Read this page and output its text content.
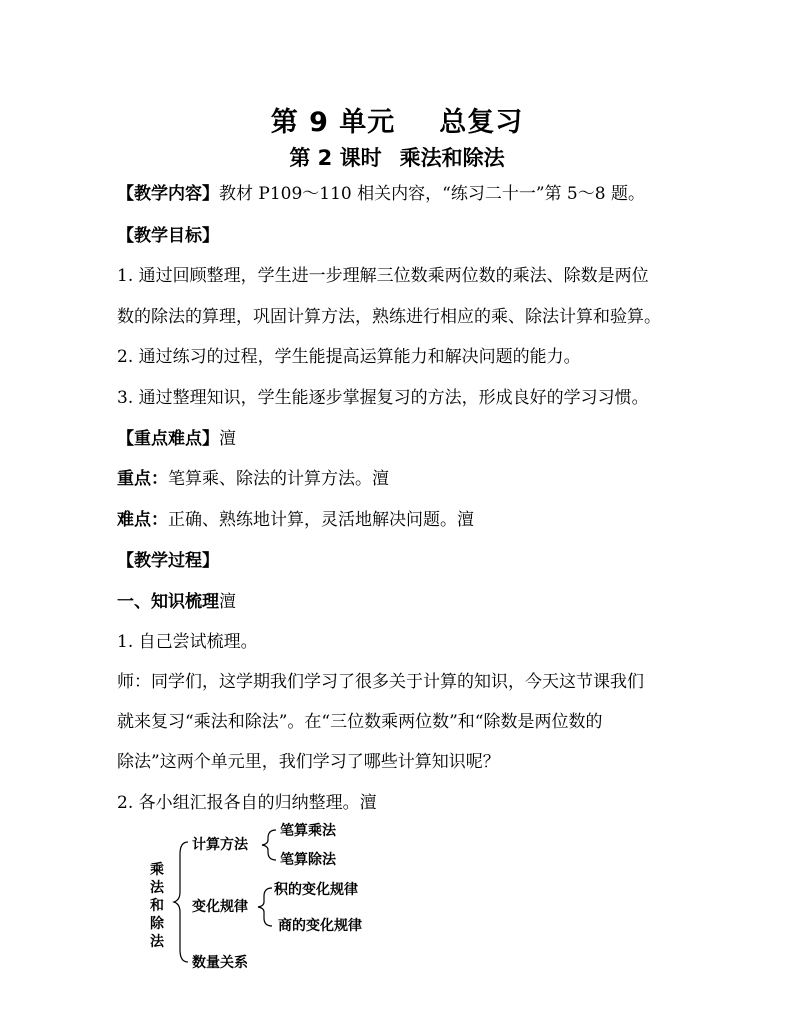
第 9 单元 总复习
第 2 课时 乘法和除法
【教学内容】教材 P109～110 相关内容，“练习二十一”第 5～8 题。
【教学目标】
1. 通过回顾整理，学生进一步理解三位数乘两位数的乘法、除数是两位
数的除法的算理，巩固计算方法，熟练进行相应的乘、除法计算和验算。
2. 通过练习的过程，学生能提高运算能力和解决问题的能力。
3. 通过整理知识，学生能逐步掌握复习的方法，形成良好的学习习惯。
【重点难点】澶
重点：笔算乘、除法的计算方法。澶
难点：正确、熟练地计算，灵活地解决问题。澶
【教学过程】
一、知识梳理澶
1. 自己尝试梳理。
师：同学们，这学期我们学习了很多关于计算的知识，今天这节课我们
就来复习“乘法和除法”。在“三位数乘两位数”和“除数是两位数的
除法”这两个单元里，我们学习了哪些计算知识呢？
2. 各小组汇报各自的归纳整理。澶
乘
法
和
除
法
计算方法
变化规律
数量关系
笔算乘法
笔算除法
积的变化规律
商的变化规律
